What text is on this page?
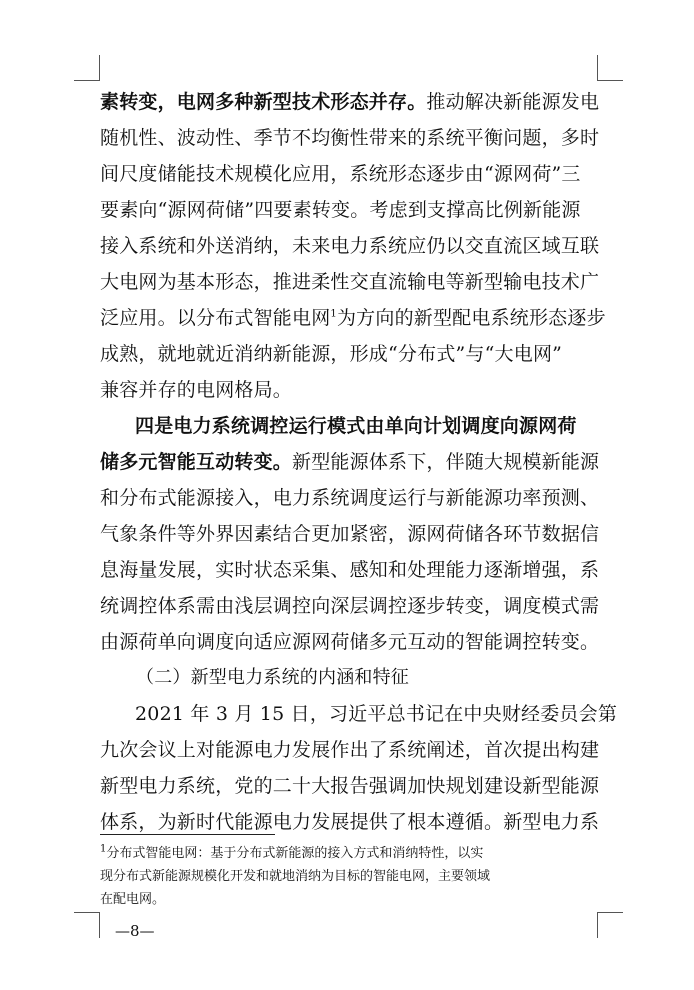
素转变，电网多种新型技术形态并存。推动解决新能源发电
随机性、波动性、季节不均衡性带来的系统平衡问题，多时
间尺度储能技术规模化应用，系统形态逐步由“源网荷”三
要素向“源网荷储”四要素转变。考虑到支撑高比例新能源
接入系统和外送消纳，未来电力系统应仍以交直流区域互联
大电网为基本形态，推进柔性交直流输电等新型输电技术广
泛应用。以分布式智能电网$^1$为方向的新型配电系统形态逐步
成熟，就地就近消纳新能源，形成“分布式”与“大电网”
兼容并存的电网格局。
四是电力系统调控运行模式由单向计划调度向源网荷
储多元智能互动转变。新型能源体系下，伴随大规模新能源
和分布式能源接入，电力系统调度运行与新能源功率预测、
气象条件等外界因素结合更加紧密，源网荷储各环节数据信
息海量发展，实时状态采集、感知和处理能力逐渐增强，系
统调控体系需由浅层调控向深层调控逐步转变，调度模式需
由源荷单向调度向适应源网荷储多元互动的智能调控转变。
（二）新型电力系统的内涵和特征
2021 年 3 月 15 日，习近平总书记在中央财经委员会第
九次会议上对能源电力发展作出了系统阐述，首次提出构建
新型电力系统，党的二十大报告强调加快规划建设新型能源
体系，为新时代能源电力发展提供了根本遵循。新型电力系
$^1$分布式智能电网：基于分布式新能源的接入方式和消纳特性，以实
现分布式新能源规模化开发和就地消纳为目标的智能电网，主要领域
在配电网。
—8—
